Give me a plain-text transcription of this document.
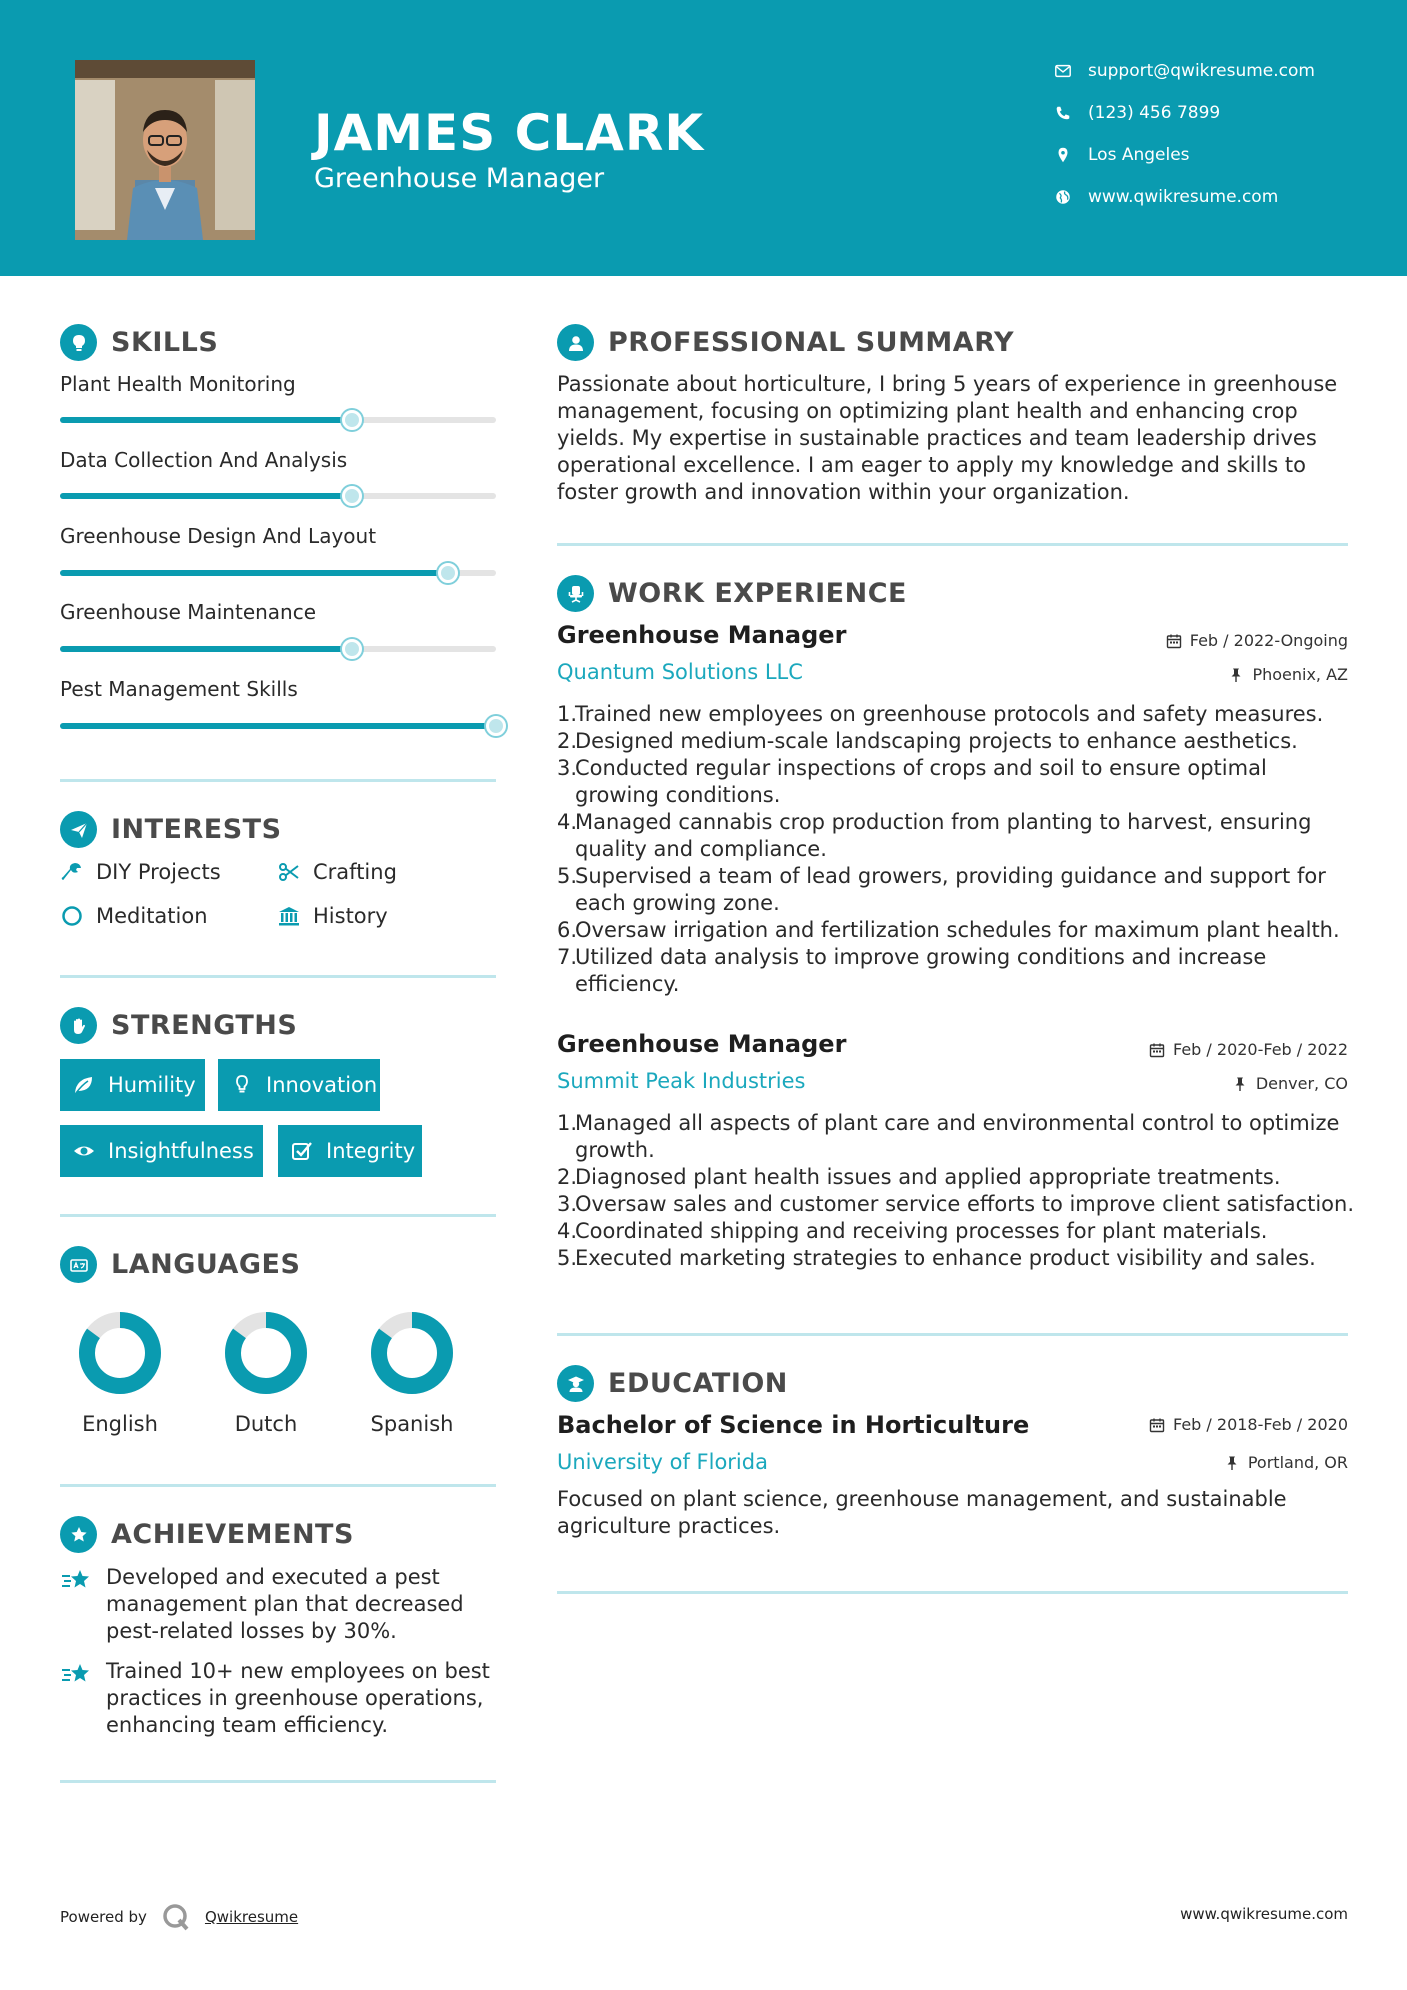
JAMES CLARK
Greenhouse Manager
support@qwikresume.com
(123) 456 7899
Los Angeles
www.qwikresume.com
SKILLS
Plant Health Monitoring
Data Collection And Analysis
Greenhouse Design And Layout
Greenhouse Maintenance
Pest Management Skills
INTERESTS
DIY Projects	Crafting
Meditation	History
STRENGTHS
Humility	Innovation
Insightfulness	Integrity
LANGUAGES
English	Dutch	Spanish
ACHIEVEMENTS
Developed and executed a pest management plan that decreased pest-related losses by 30%.
Trained 10+ new employees on best practices in greenhouse operations, enhancing team efficiency.
PROFESSIONAL SUMMARY
Passionate about horticulture, I bring 5 years of experience in greenhouse management, focusing on optimizing plant health and enhancing crop yields. My expertise in sustainable practices and team leadership drives operational excellence. I am eager to apply my knowledge and skills to foster growth and innovation within your organization.
WORK EXPERIENCE
Greenhouse Manager	Feb / 2022-Ongoing
Quantum Solutions LLC	Phoenix, AZ
1.
Trained new employees on greenhouse protocols and safety measures.
2.
Designed medium-scale landscaping projects to enhance aesthetics.
3.
Conducted regular inspections of crops and soil to ensure optimal growing conditions.
4.
Managed cannabis crop production from planting to harvest, ensuring quality and compliance.
5.
Supervised a team of lead growers, providing guidance and support for each growing zone.
6.
Oversaw irrigation and fertilization schedules for maximum plant health.
7.
Utilized data analysis to improve growing conditions and increase efficiency.
Greenhouse Manager	Feb / 2020-Feb / 2022
Summit Peak Industries	Denver, CO
1.
Managed all aspects of plant care and environmental control to optimize growth.
2.
Diagnosed plant health issues and applied appropriate treatments.
3.
Oversaw sales and customer service efforts to improve client satisfaction.
4.
Coordinated shipping and receiving processes for plant materials.
5.
Executed marketing strategies to enhance product visibility and sales.
EDUCATION
Bachelor of Science in Horticulture	Feb / 2018-Feb / 2020
University of Florida	Portland, OR
Focused on plant science, greenhouse management, and sustainable agriculture practices.
Powered by	Qwikresume	www.qwikresume.com
